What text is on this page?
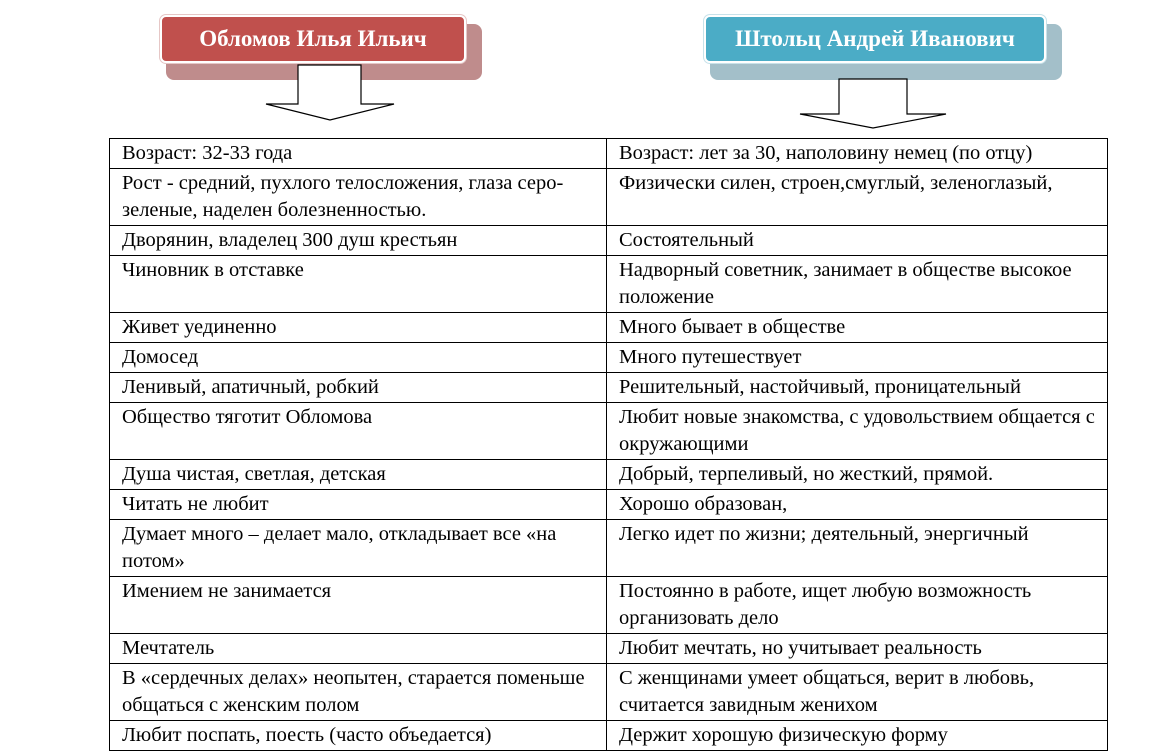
Обломов Илья Ильич	Штольц Андрей Иванович
Возраст: 32-33 года	Возраст: лет за 30, наполовину немец (по отцу)
Рост - средний, пухлого телосложения, глаза серо-зеленые, наделен болезненностью.	Физически силен, строен,смуглый, зеленоглазый,
Дворянин, владелец 300 душ крестьян	Состоятельный
Чиновник в отставке	Надворный советник, занимает в обществе высокое положение
Живет уединенно	Много бывает в обществе
Домосед	Много путешествует
Ленивый, апатичный, робкий	Решительный, настойчивый, проницательный
Общество тяготит Обломова	Любит новые знакомства, с удовольствием общается с окружающими
Душа чистая, светлая, детская	Добрый, терпеливый, но жесткий, прямой.
Читать не любит	Хорошо образован,
Думает много – делает мало, откладывает все «на потом»	Легко идет по жизни; деятельный, энергичный
Имением не занимается	Постоянно в работе, ищет любую возможность организовать дело
Мечтатель	Любит мечтать, но учитывает реальность
В «сердечных делах» неопытен, старается поменьше общаться с женским полом	С женщинами умеет общаться, верит в любовь, считается завидным женихом
Любит поспать, поесть (часто объедается)	Держит хорошую физическую форму
